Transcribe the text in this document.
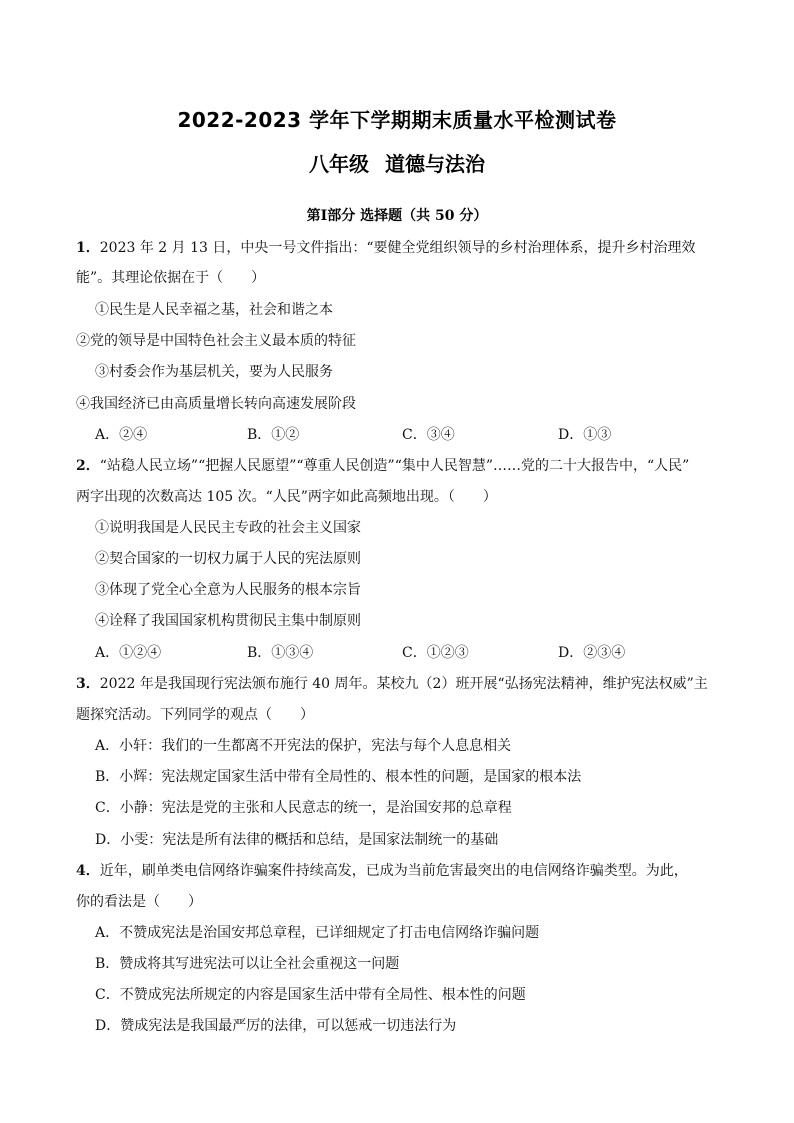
2022-2023 学年下学期期末质量水平检测试卷
八年级 道德与法治
第Ⅰ部分 选择题（共 50 分）
1．2023 年 2 月 13 日，中央一号文件指出：“要健全党组织领导的乡村治理体系，提升乡村治理效
能”。其理论依据在于（　　）
①民生是人民幸福之基，社会和谐之本
②党的领导是中国特色社会主义最本质的特征
③村委会作为基层机关，要为人民服务
④我国经济已由高质量增长转向高速发展阶段
A．②④	B．①②	C．③④	D．①③
2．“站稳人民立场”“把握人民愿望”“尊重人民创造”“集中人民智慧”……党的二十大报告中，“人民”
两字出现的次数高达 105 次。“人民”两字如此高频地出现。（　　）
①说明我国是人民民主专政的社会主义国家
②契合国家的一切权力属于人民的宪法原则
③体现了党全心全意为人民服务的根本宗旨
④诠释了我国国家机构贯彻民主集中制原则
A．①②④	B．①③④	C．①②③	D．②③④
3．2022 年是我国现行宪法颁布施行 40 周年。某校九（2）班开展“弘扬宪法精神，维护宪法权威”主
题探究活动。下列同学的观点（　　）
A．小轩：我们的一生都离不开宪法的保护，宪法与每个人息息相关
B．小辉：宪法规定国家生活中带有全局性的、根本性的问题，是国家的根本法
C．小静：宪法是党的主张和人民意志的统一，是治国安邦的总章程
D．小雯：宪法是所有法律的概括和总结，是国家法制统一的基础
4．近年，刷单类电信网络诈骗案件持续高发，已成为当前危害最突出的电信网络诈骗类型。为此，
你的看法是（　　）
A．不赞成宪法是治国安邦总章程，已详细规定了打击电信网络诈骗问题
B．赞成将其写进宪法可以让全社会重视这一问题
C．不赞成宪法所规定的内容是国家生活中带有全局性、根本性的问题
D．赞成宪法是我国最严厉的法律，可以惩戒一切违法行为
